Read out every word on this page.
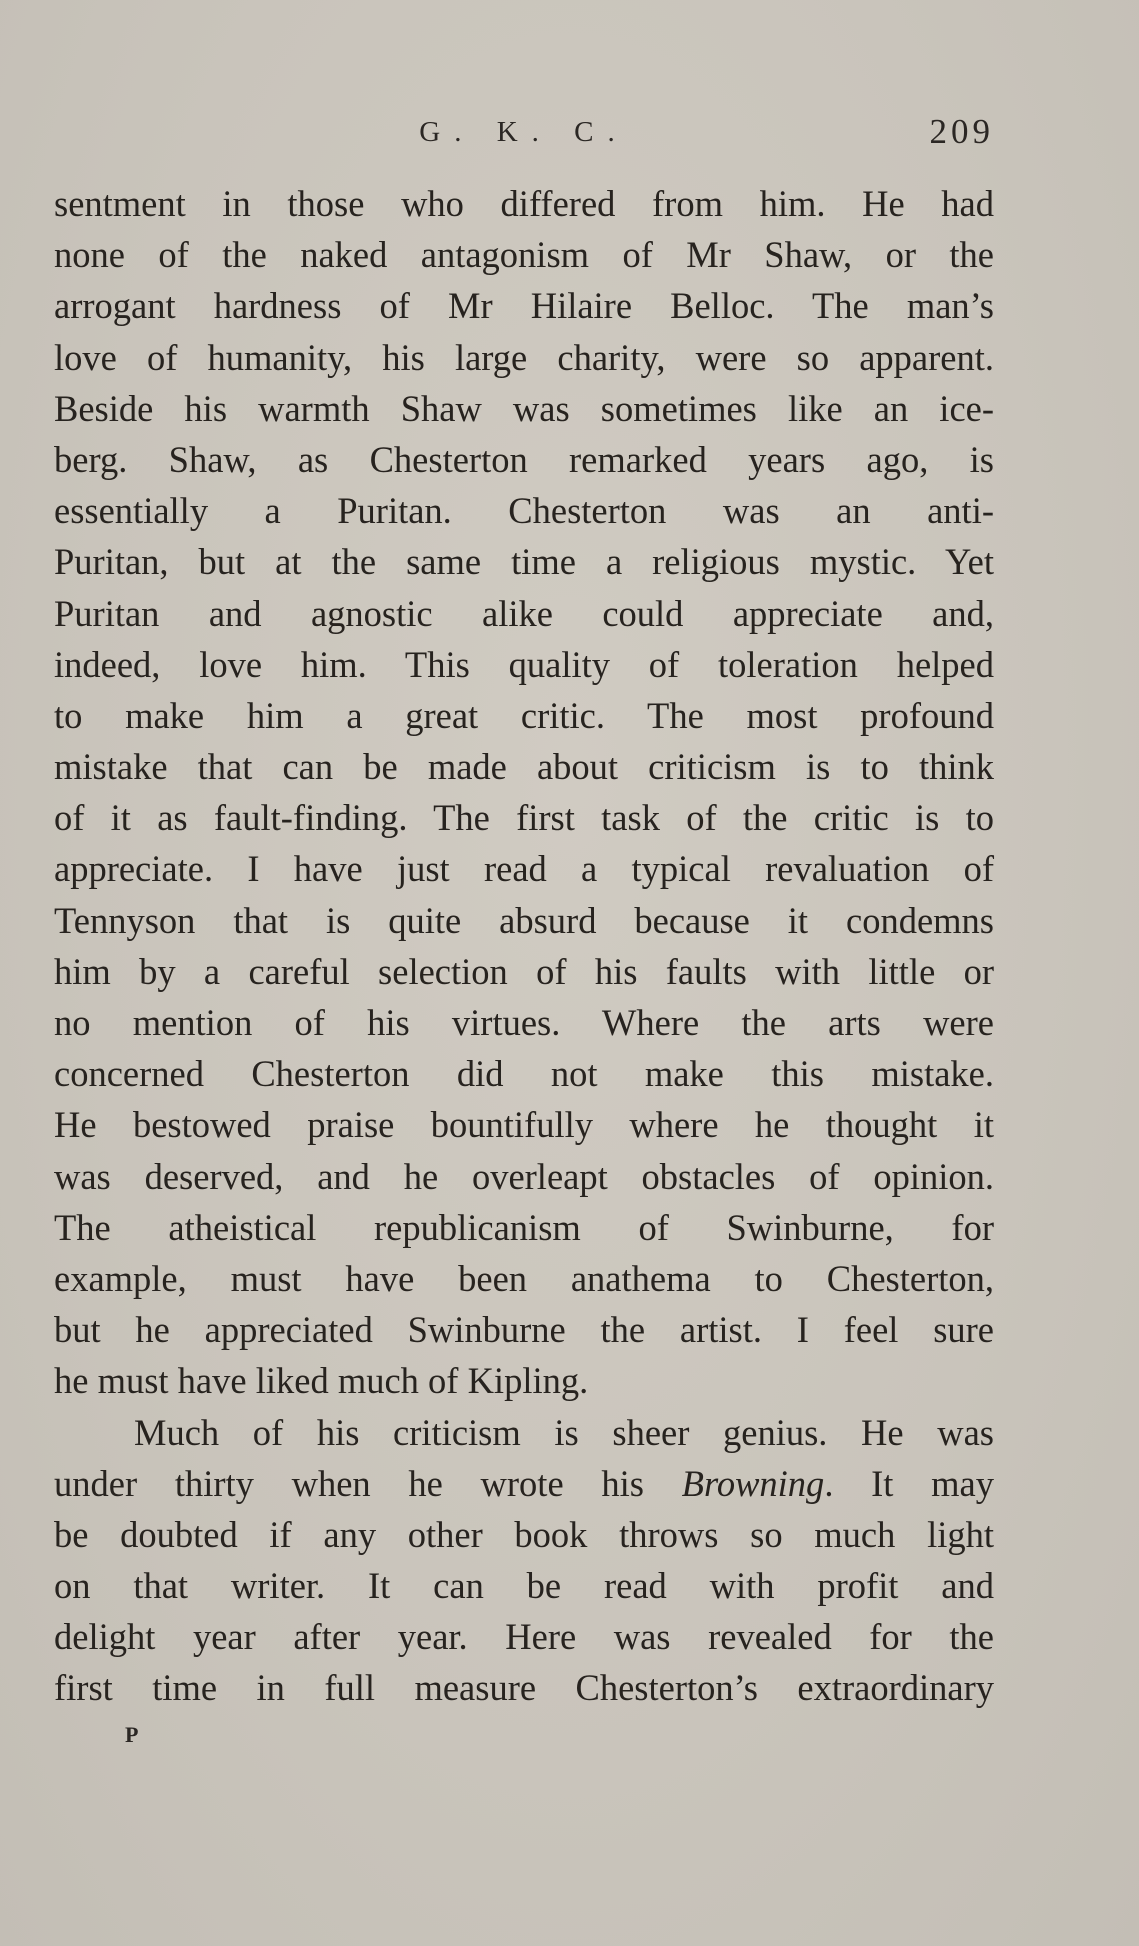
G. K. C.	209
sentment in those who differed from him. He had
none of the naked antagonism of Mr Shaw, or the
arrogant hardness of Mr Hilaire Belloc. The man’s
love of humanity, his large charity, were so apparent.
Beside his warmth Shaw was sometimes like an ice-
berg. Shaw, as Chesterton remarked years ago, is
essentially a Puritan. Chesterton was an anti-
Puritan, but at the same time a religious mystic. Yet
Puritan and agnostic alike could appreciate and,
indeed, love him. This quality of toleration helped
to make him a great critic. The most profound
mistake that can be made about criticism is to think
of it as fault-finding. The first task of the critic is to
appreciate. I have just read a typical revaluation of
Tennyson that is quite absurd because it condemns
him by a careful selection of his faults with little or
no mention of his virtues. Where the arts were
concerned Chesterton did not make this mistake.
He bestowed praise bountifully where he thought it
was deserved, and he overleapt obstacles of opinion.
The atheistical republicanism of Swinburne, for
example, must have been anathema to Chesterton,
but he appreciated Swinburne the artist. I feel sure
he must have liked much of Kipling.
Much of his criticism is sheer genius. He was
under thirty when he wrote his Browning. It may
be doubted if any other book throws so much light
on that writer. It can be read with profit and
delight year after year. Here was revealed for the
first time in full measure Chesterton’s extraordinary
P
